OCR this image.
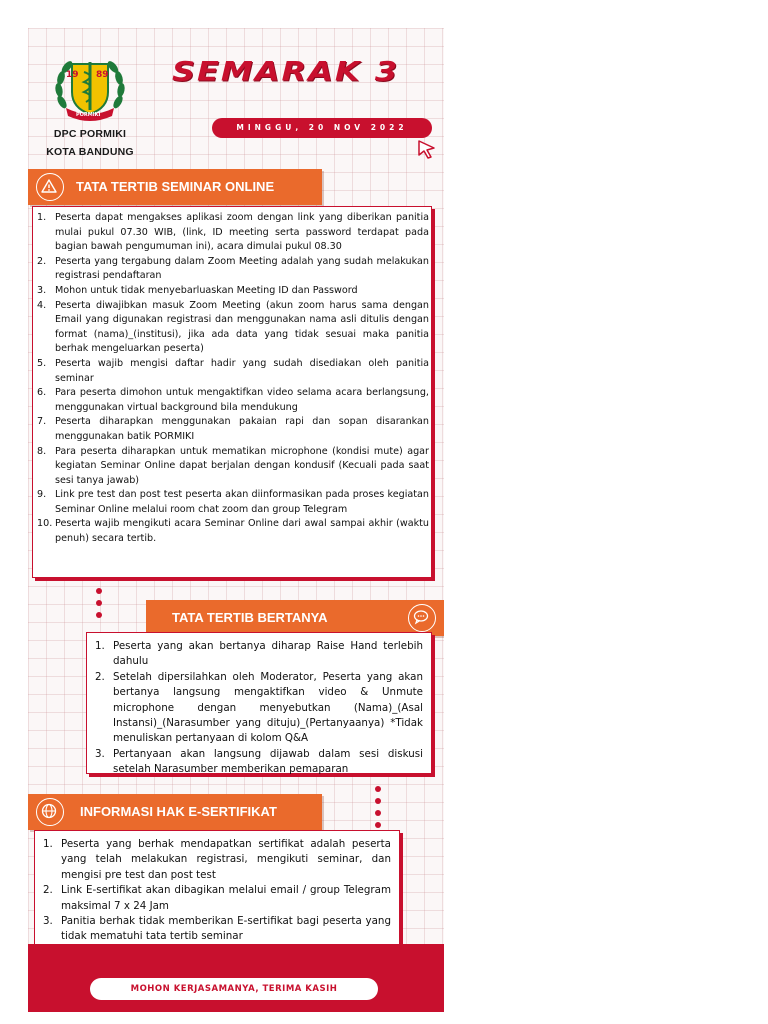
19 89
PORMIKI
DPC PORMIKI
KOTA BANDUNG
SEMARAK 3
MINGGU, 20 NOV 2022
TATA TERTIB SEMINAR ONLINE
1. Peserta dapat mengakses aplikasi zoom dengan link yang diberikan panitia mulai pukul 07.30 WIB, (link, ID meeting serta password terdapat pada bagian bawah pengumuman ini), acara dimulai pukul 08.30
2. Peserta yang tergabung dalam Zoom Meeting adalah yang sudah melakukan registrasi pendaftaran
3. Mohon untuk tidak menyebarluaskan Meeting ID dan Password
4. Peserta diwajibkan masuk Zoom Meeting (akun zoom harus sama dengan Email yang digunakan registrasi dan menggunakan nama asli ditulis dengan format (nama)_(institusi), jika ada data yang tidak sesuai maka panitia berhak mengeluarkan peserta)
5. Peserta wajib mengisi daftar hadir yang sudah disediakan oleh panitia seminar
6. Para peserta dimohon untuk mengaktifkan video selama acara berlangsung, menggunakan virtual background bila mendukung
7. Peserta diharapkan menggunakan pakaian rapi dan sopan disarankan menggunakan batik PORMIKI
8. Para peserta diharapkan untuk mematikan microphone (kondisi mute) agar kegiatan Seminar Online dapat berjalan dengan kondusif (Kecuali pada saat sesi tanya jawab)
9. Link pre test dan post test peserta akan diinformasikan pada proses kegiatan Seminar Online melalui room chat zoom dan group Telegram
10. Peserta wajib mengikuti acara Seminar Online dari awal sampai akhir (waktu penuh) secara tertib.
TATA TERTIB BERTANYA
1. Peserta yang akan bertanya diharap Raise Hand terlebih dahulu
2. Setelah dipersilahkan oleh Moderator, Peserta yang akan bertanya langsung mengaktifkan video & Unmute microphone dengan menyebutkan (Nama)_(Asal Instansi)_(Narasumber yang dituju)_(Pertanyaanya) *Tidak menuliskan pertanyaan di kolom Q&A
3. Pertanyaan akan langsung dijawab dalam sesi diskusi setelah Narasumber memberikan pemaparan
INFORMASI HAK E-SERTIFIKAT
1. Peserta yang berhak mendapatkan sertifikat adalah peserta yang telah melakukan registrasi, mengikuti seminar, dan mengisi pre test dan post test
2. Link E-sertifikat akan dibagikan melalui email / group Telegram maksimal 7 x 24 Jam
3. Panitia berhak tidak memberikan E-sertifikat bagi peserta yang tidak mematuhi tata tertib seminar
MOHON KERJASAMANYA, TERIMA KASIH
